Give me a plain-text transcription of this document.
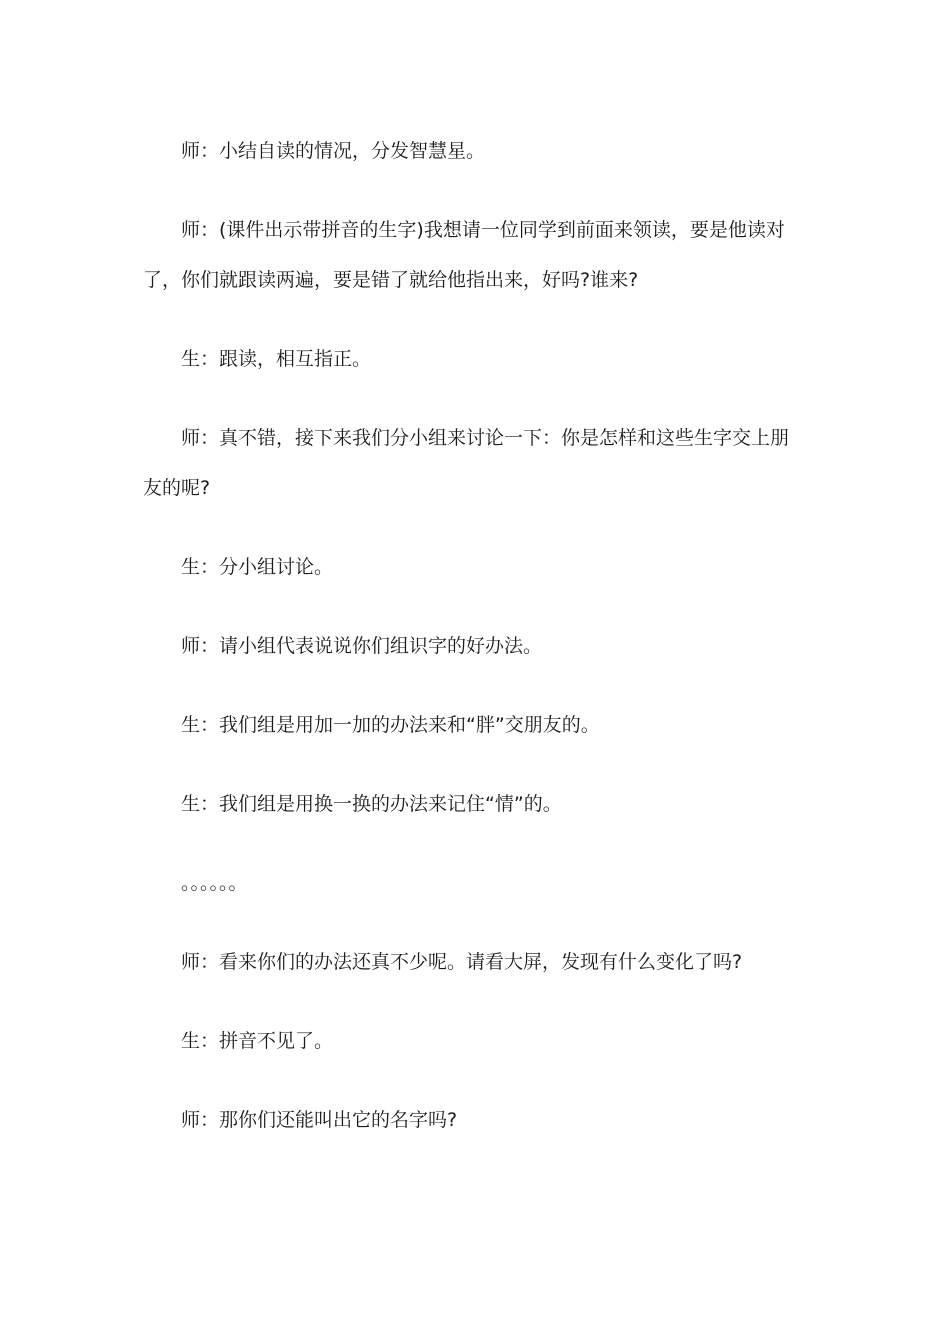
师：小结自读的情况，分发智慧星。

师：(课件出示带拼音的生字)我想请一位同学到前面来领读，要是他读对了，你们就跟读两遍，要是错了就给他指出来，好吗?谁来?

生：跟读，相互指正。

师：真不错，接下来我们分小组来讨论一下：你是怎样和这些生字交上朋友的呢?

生：分小组讨论。

师：请小组代表说说你们组识字的好办法。

生：我们组是用加一加的办法来和“胖”交朋友的。

生：我们组是用换一换的办法来记住“情”的。

。。。。。。

师：看来你们的办法还真不少呢。请看大屏，发现有什么变化了吗?

生：拼音不见了。

师：那你们还能叫出它的名字吗?
